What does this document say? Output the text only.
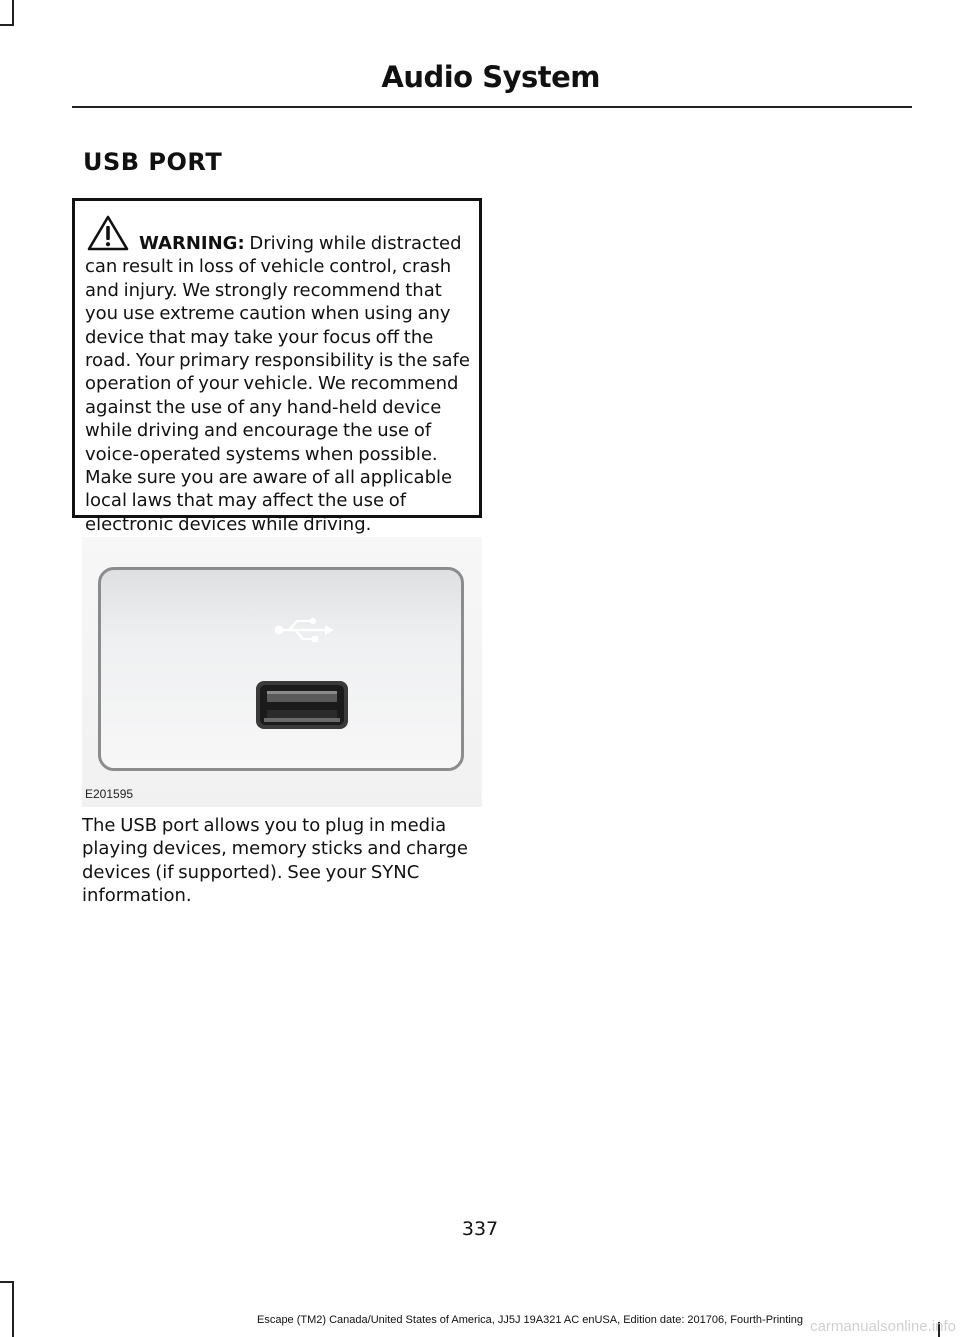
Audio System
USB PORT
WARNING: Driving while distracted can result in loss of vehicle control, crash and injury. We strongly recommend that you use extreme caution when using any device that may take your focus off the road. Your primary responsibility is the safe operation of your vehicle. We recommend against the use of any hand-held device while driving and encourage the use of voice-operated systems when possible. Make sure you are aware of all applicable local laws that may affect the use of electronic devices while driving.
E201595
The USB port allows you to plug in media playing devices, memory sticks and charge devices (if supported). See your SYNC information.
337
Escape (TM2) Canada/United States of America, JJ5J 19A321 AC enUSA, Edition date: 201706, Fourth-Printing carmanualsonline.info
